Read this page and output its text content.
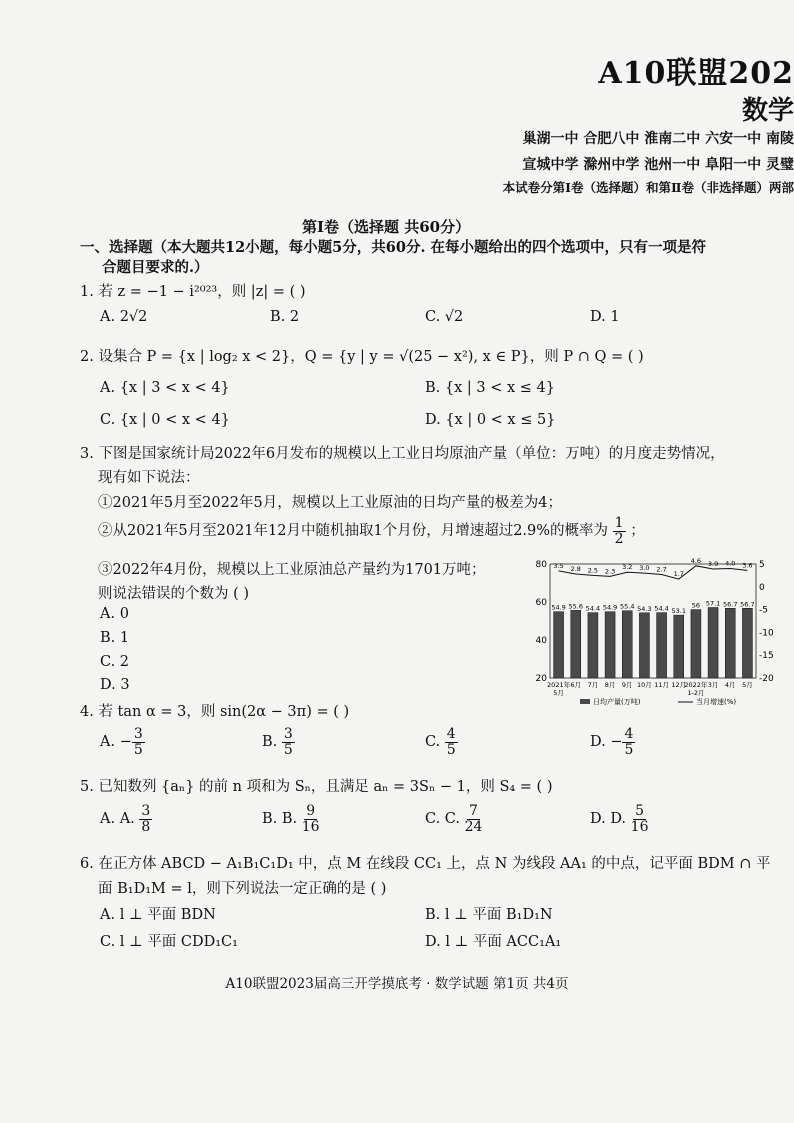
A10联盟202
数学
巢湖一中 合肥八中 淮南二中 六安一中 南陵
宣城中学 滁州中学 池州一中 阜阳一中 灵璧
本试卷分第Ⅰ卷（选择题）和第Ⅱ卷（非选择题）两部
第Ⅰ卷（选择题 共60分）
一、选择题（本大题共12小题，每小题5分，共60分. 在每小题给出的四个选项中，只有一项是符
合题目要求的.）
1. 若 z = −1 − i²⁰²³，则 |z| = ( )
A. 2√2	B. 2	C. √2	D. 1
2. 设集合 P = {x | log₂ x < 2}，Q = {y | y = √(25 − x²), x ∈ P}，则 P ∩ Q = ( )
A. {x | 3 < x < 4}	B. {x | 3 < x ≤ 4}
C. {x | 0 < x < 4}	D. {x | 0 < x ≤ 5}
3. 下图是国家统计局2022年6月发布的规模以上工业日均原油产量（单位：万吨）的月度走势情况，
现有如下说法：
①2021年5月至2022年5月，规模以上工业原油的日均产量的极差为4；
②从2021年5月至2021年12月中随机抽取1个月份，月增速超过2.9%的概率为 $\frac{1}{2}$ ；
③2022年4月份，规模以上工业原油总产量约为1701万吨；
则说法错误的个数为 ( )
A. 0
B. 1
C. 2
D. 3
80
60
40
20
5
0
-5
-10
-15
-20
54.9
3.5
2021年
5月
55.6
2.8
6月
54.4
2.5
7月
54.9
2.3
8月
55.4
3.2
9月
54.3
3.0
10月
54.4
2.7
11月
53.1
1.7
12月
56
4.6
2022年
1-2月
57.1
3.9
3月
56.7
4.0
4月
56.7
3.6
5月
日均产量(万吨)	当月增速(%)
4. 若 tan α = 3，则 sin(2α − 3π) = ( )
A. − $\frac{3}{5}$	B. $\frac{3}{5}$	C. $\frac{4}{5}$	D. − $\frac{4}{5}$
5. 已知数列 {aₙ} 的前 n 项和为 Sₙ，且满足 aₙ = 3Sₙ − 1，则 S₄ = ( )
A. A. $\frac{3}{8}$	B. B. $\frac{9}{16}$	C. C. $\frac{7}{24}$	D. D. $\frac{5}{16}$
6. 在正方体 ABCD − A₁B₁C₁D₁ 中，点 M 在线段 CC₁ 上，点 N 为线段 AA₁ 的中点，记平面 BDM ∩ 平
面 B₁D₁M = l，则下列说法一定正确的是 ( )
A. l ⊥ 平面 BDN	B. l ⊥ 平面 B₁D₁N
C. l ⊥ 平面 CDD₁C₁	D. l ⊥ 平面 ACC₁A₁
A10联盟2023届高三开学摸底考 · 数学试题 第1页 共4页
